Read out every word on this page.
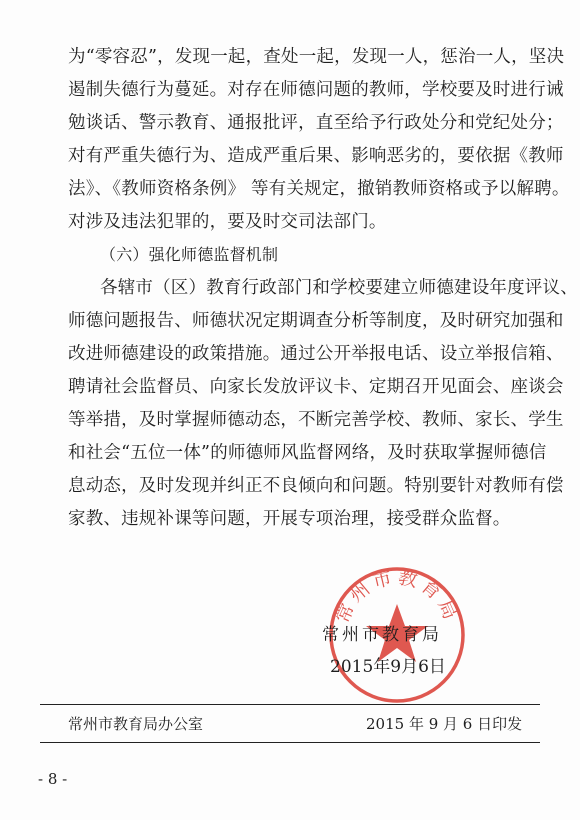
为“零容忍”，发现一起，查处一起，发现一人，惩治一人，坚决
遏制失德行为蔓延。对存在师德问题的教师，学校要及时进行诫
勉谈话、警示教育、通报批评，直至给予行政处分和党纪处分；
对有严重失德行为、造成严重后果、影响恶劣的，要依据《教师
法》、《教师资格条例》 等有关规定，撤销教师资格或予以解聘。
对涉及违法犯罪的，要及时交司法部门。
（六）强化师德监督机制
各辖市（区）教育行政部门和学校要建立师德建设年度评议、
师德问题报告、师德状况定期调查分析等制度，及时研究加强和
改进师德建设的政策措施。通过公开举报电话、设立举报信箱、
聘请社会监督员、向家长发放评议卡、定期召开见面会、座谈会
等举措，及时掌握师德动态，不断完善学校、教师、家长、学生
和社会“五位一体”的师德师风监督网络，及时获取掌握师德信
息动态，及时发现并纠正不良倾向和问题。特别要针对教师有偿
家教、违规补课等问题，开展专项治理，接受群众监督。
常州市教育局
常州市教育局
2015年9月6日
常州市教育局办公室	2015 年 9 月 6 日印发
- 8 -
